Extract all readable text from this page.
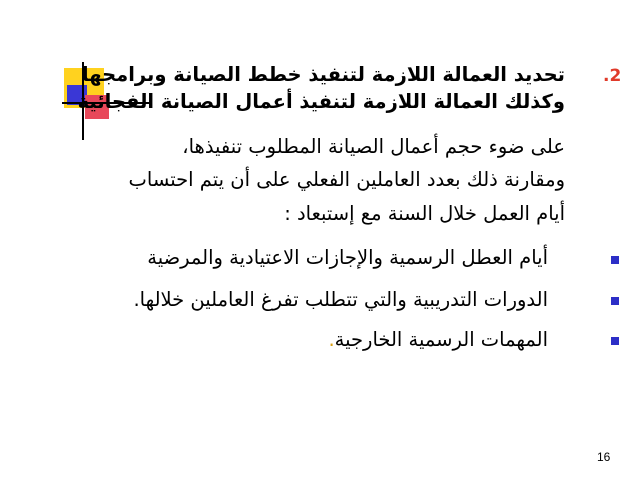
.2
تحديد العمالة اللازمة لتنفيذ خطط الصيانة وبرامجها
وكذلك العمالة اللازمة لتنفيذ أعمال الصيانة الفجائية
على ضوء حجم أعمال الصيانة المطلوب تنفيذها،
ومقارنة ذلك بعدد العاملين الفعلي على أن يتم احتساب
أيام العمل خلال السنة مع إستبعاد :
أيام العطل الرسمية والإجازات الاعتيادية والمرضية
الدورات التدريبية والتي تتطلب تفرغ العاملين خلالها.
المهمات الرسمية الخارجية.
16
